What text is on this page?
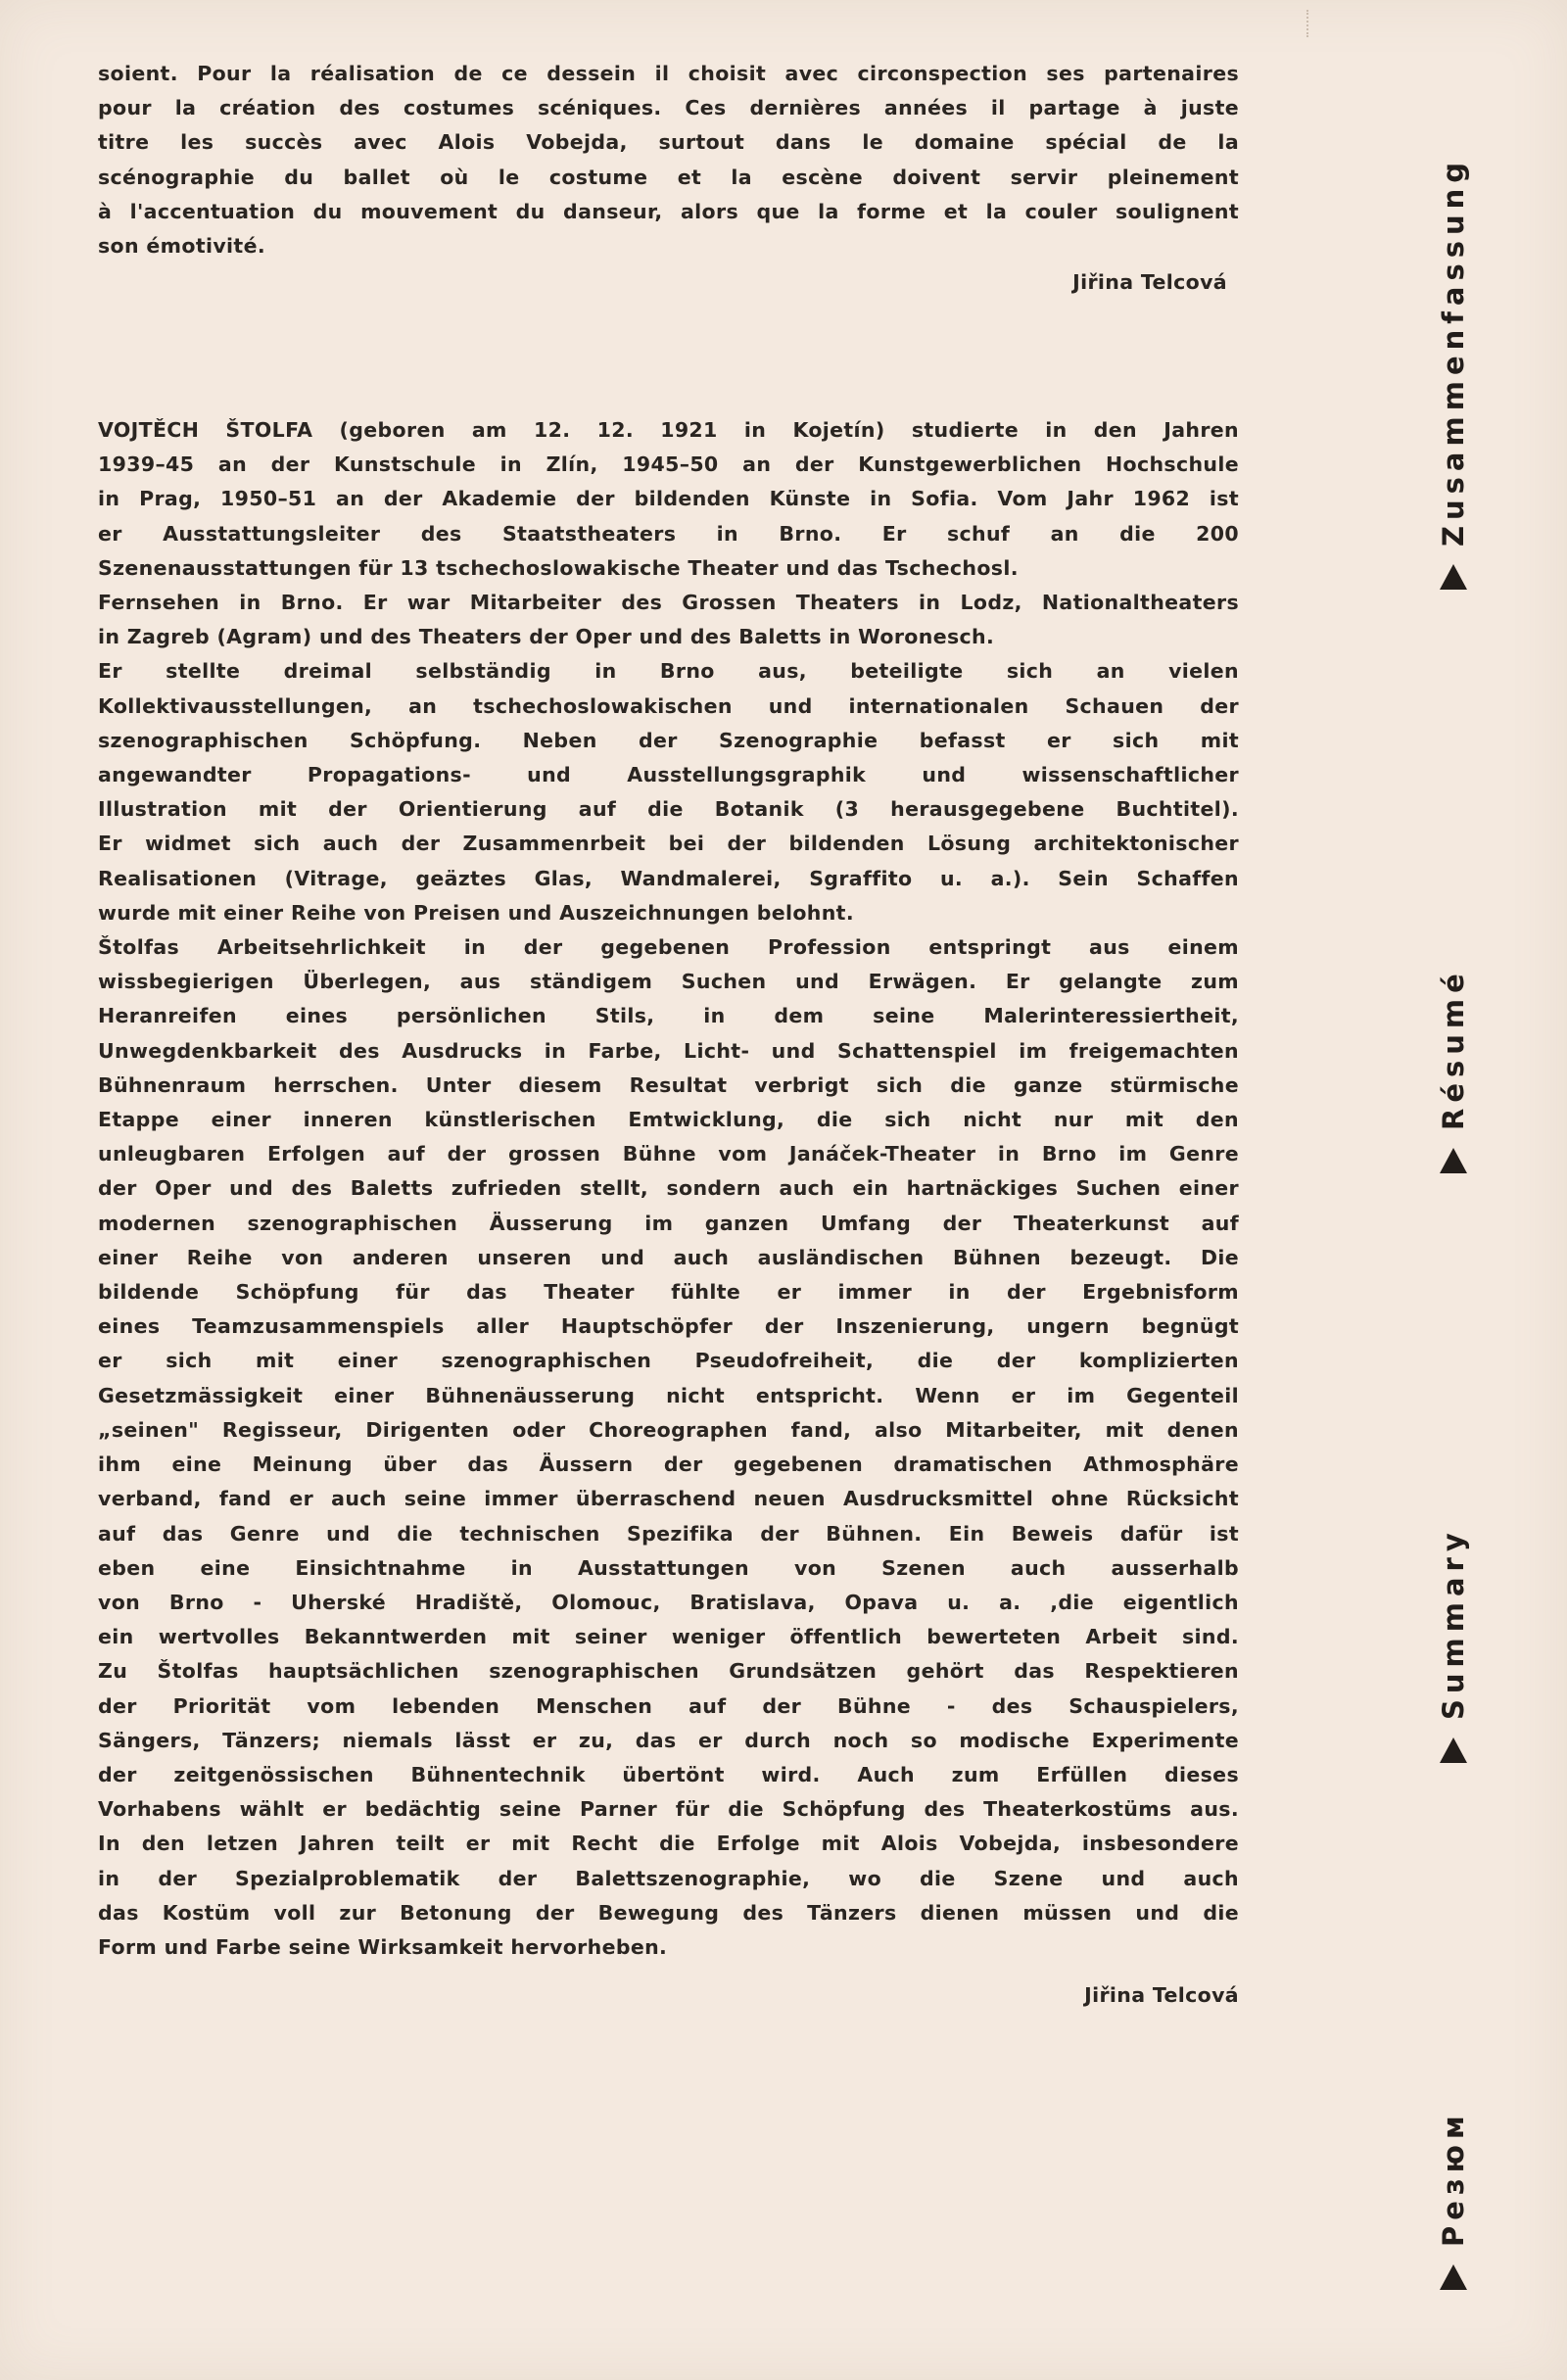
soient. Pour la réalisation de ce dessein il choisit avec circonspection ses partenaires
pour la création des costumes scéniques. Ces dernières années il partage à juste
titre les succès avec Alois Vobejda, surtout dans le domaine spécial de la
scénographie du ballet où le costume et la escène doivent servir pleinement
à l'accentuation du mouvement du danseur, alors que la forme et la couler soulignent
son émotivité.
Jiřina Telcová
VOJTĚCH ŠTOLFA (geboren am 12. 12. 1921 in Kojetín) studierte in den Jahren
1939–45 an der Kunstschule in Zlín, 1945–50 an der Kunstgewerblichen Hochschule
in Prag, 1950–51 an der Akademie der bildenden Künste in Sofia. Vom Jahr 1962 ist
er Ausstattungsleiter des Staatstheaters in Brno. Er schuf an die 200
Szenenausstattungen für 13 tschechoslowakische Theater und das Tschechosl.
Fernsehen in Brno. Er war Mitarbeiter des Grossen Theaters in Lodz, Nationaltheaters
in Zagreb (Agram) und des Theaters der Oper und des Baletts in Woronesch.
Er stellte dreimal selbständig in Brno aus, beteiligte sich an vielen
Kollektivausstellungen, an tschechoslowakischen und internationalen Schauen der
szenographischen Schöpfung. Neben der Szenographie befasst er sich mit
angewandter Propagations- und Ausstellungsgraphik und wissenschaftlicher
Illustration mit der Orientierung auf die Botanik (3 herausgegebene Buchtitel).
Er widmet sich auch der Zusammenrbeit bei der bildenden Lösung architektonischer
Realisationen (Vitrage, geäztes Glas, Wandmalerei, Sgraffito u. a.). Sein Schaffen
wurde mit einer Reihe von Preisen und Auszeichnungen belohnt.
Štolfas Arbeitsehrlichkeit in der gegebenen Profession entspringt aus einem
wissbegierigen Überlegen, aus ständigem Suchen und Erwägen. Er gelangte zum
Heranreifen eines persönlichen Stils, in dem seine Malerinteressiertheit,
Unwegdenkbarkeit des Ausdrucks in Farbe, Licht- und Schattenspiel im freigemachten
Bühnenraum herrschen. Unter diesem Resultat verbrigt sich die ganze stürmische
Etappe einer inneren künstlerischen Emtwicklung, die sich nicht nur mit den
unleugbaren Erfolgen auf der grossen Bühne vom Janáček-Theater in Brno im Genre
der Oper und des Baletts zufrieden stellt, sondern auch ein hartnäckiges Suchen einer
modernen szenographischen Äusserung im ganzen Umfang der Theaterkunst auf
einer Reihe von anderen unseren und auch ausländischen Bühnen bezeugt. Die
bildende Schöpfung für das Theater fühlte er immer in der Ergebnisform
eines Teamzusammenspiels aller Hauptschöpfer der Inszenierung, ungern begnügt
er sich mit einer szenographischen Pseudofreiheit, die der komplizierten
Gesetzmässigkeit einer Bühnenäusserung nicht entspricht. Wenn er im Gegenteil
„seinen" Regisseur, Dirigenten oder Choreographen fand, also Mitarbeiter, mit denen
ihm eine Meinung über das Äussern der gegebenen dramatischen Athmosphäre
verband, fand er auch seine immer überraschend neuen Ausdrucksmittel ohne Rücksicht
auf das Genre und die technischen Spezifika der Bühnen. Ein Beweis dafür ist
eben eine Einsichtnahme in Ausstattungen von Szenen auch ausserhalb
von Brno - Uherské Hradiště, Olomouc, Bratislava, Opava u. a. ,die eigentlich
ein wertvolles Bekanntwerden mit seiner weniger öffentlich bewerteten Arbeit sind.
Zu Štolfas hauptsächlichen szenographischen Grundsätzen gehört das Respektieren
der Priorität vom lebenden Menschen auf der Bühne - des Schauspielers,
Sängers, Tänzers; niemals lässt er zu, das er durch noch so modische Experimente
der zeitgenössischen Bühnentechnik übertönt wird. Auch zum Erfüllen dieses
Vorhabens wählt er bedächtig seine Parner für die Schöpfung des Theaterkostüms aus.
In den letzen Jahren teilt er mit Recht die Erfolge mit Alois Vobejda, insbesondere
in der Spezialproblematik der Balettszenographie, wo die Szene und auch
das Kostüm voll zur Betonung der Bewegung des Tänzers dienen müssen und die
Form und Farbe seine Wirksamkeit hervorheben.
Jiřina Telcová
Zusammenfassung
Résumé
Summary
Резюм
